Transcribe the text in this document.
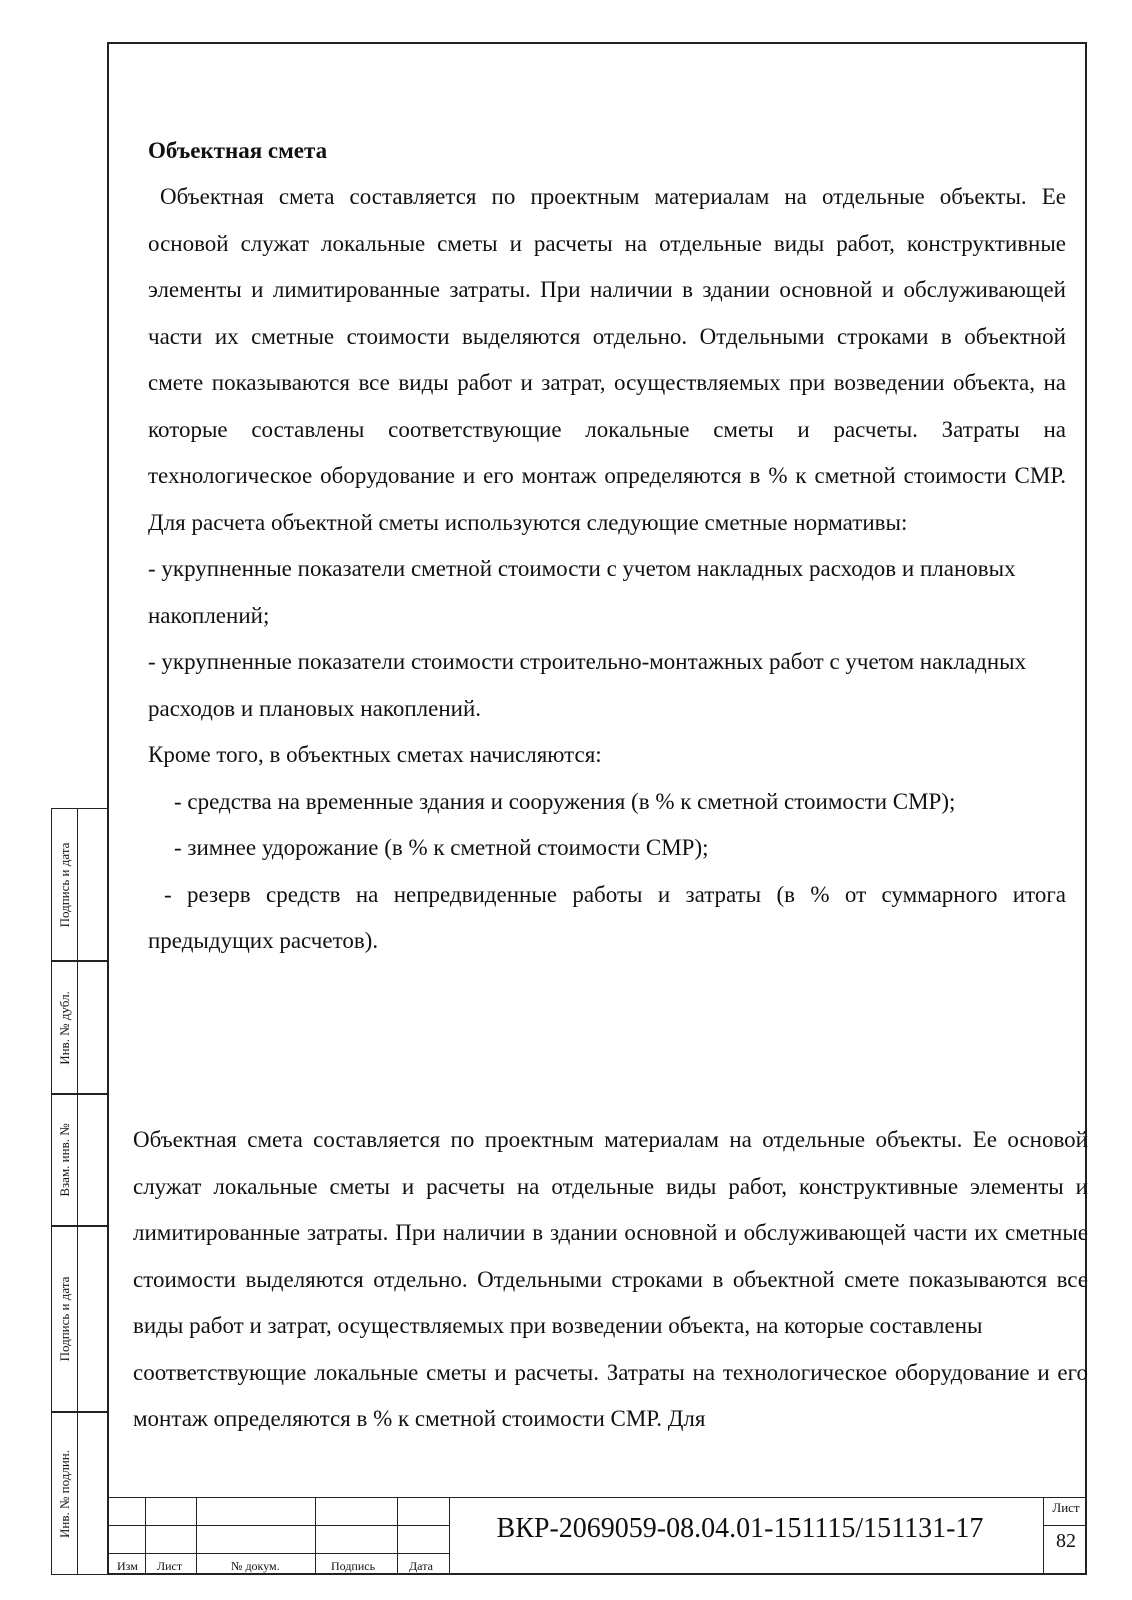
Объектная смета

Объектная смета составляется по проектным материалам на отдельные объекты. Ее основой служат локальные сметы и расчеты на отдельные виды работ, конструктивные элементы и лимитированные затраты. При наличии в здании основной и обслуживающей части их сметные стоимости выделяются отдельно. Отдельными строками в объектной смете показываются все виды работ и затрат, осуществляемых при возведении объекта, на которые составлены соответствующие локальные сметы и расчеты. Затраты на технологическое оборудование и его монтаж определяются в % к сметной стоимости СМР. Для расчета объектной сметы используются следующие сметные нормативы:

- укрупненные показатели сметной стоимости с учетом накладных расходов и плановых накоплений;

- укрупненные показатели стоимости строительно-монтажных работ с учетом накладных расходов и плановых накоплений.

Кроме того, в объектных сметах начисляются:

- средства на временные здания и сооружения (в % к сметной стоимости СМР);

- зимнее удорожание (в % к сметной стоимости СМР);

- резерв средств на непредвиденные работы и затраты (в % от суммарного итога предыдущих расчетов).

Объектная смета составляется по проектным материалам на отдельные объекты. Ее основой служат локальные сметы и расчеты на отдельные виды работ, конструктивные элементы и лимитированные затраты. При наличии в здании основной и обслуживающей части их сметные стоимости выделяются отдельно. Отдельными строками в объектной смете показываются все виды работ и затрат, осуществляемых при возведении объекта, на которые составлены

соответствующие локальные сметы и расчеты. Затраты на технологическое оборудование и его монтаж определяются в % к сметной стоимости СМР. Для

Подпись и дата
Инв. № дубл.
Взам. инв. №
Подпись и дата
Инв. № подлин.
Изм Лист	№ докум.	Подпись	Дата
ВКР-2069059-08.04.01-151115/151131-17
Лист
82
